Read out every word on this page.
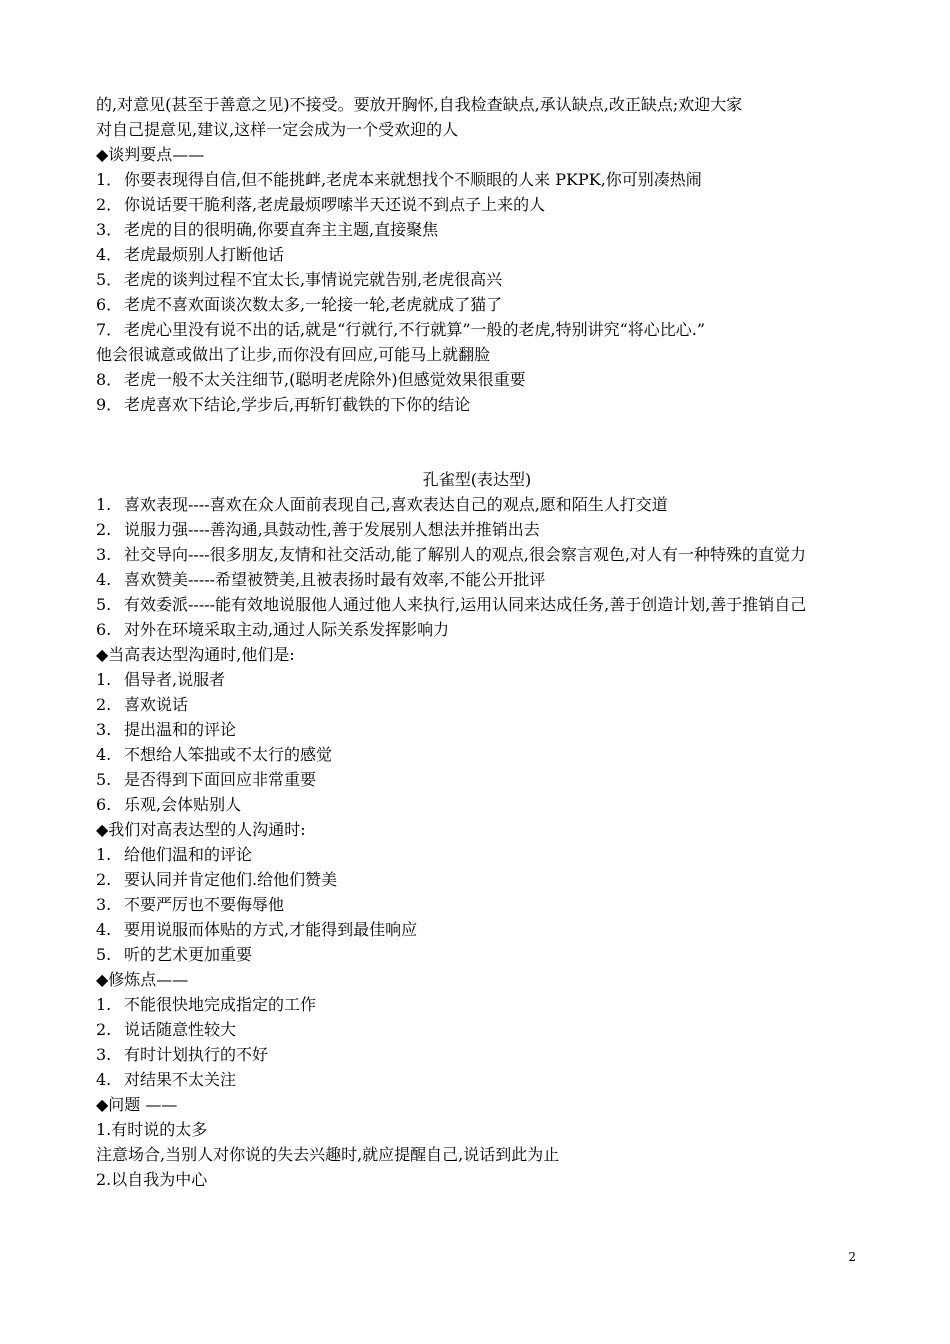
的,对意见(甚至于善意之见)不接受。要放开胸怀,自我检查缺点,承认缺点,改正缺点;欢迎大家
对自己提意见,建议,这样一定会成为一个受欢迎的人
◆谈判要点——
1． 你要表现得自信,但不能挑衅,老虎本来就想找个不顺眼的人来 PKPK,你可别凑热闹
2． 你说话要干脆利落,老虎最烦啰嗦半天还说不到点子上来的人
3． 老虎的目的很明确,你要直奔主主题,直接聚焦
4． 老虎最烦别人打断他话
5． 老虎的谈判过程不宜太长,事情说完就告别,老虎很高兴
6． 老虎不喜欢面谈次数太多,一轮接一轮,老虎就成了猫了
7． 老虎心里没有说不出的话,就是“行就行,不行就算”一般的老虎,特别讲究“将心比心.”
他会很诚意或做出了让步,而你没有回应,可能马上就翻脸
8． 老虎一般不太关注细节,(聪明老虎除外)但感觉效果很重要
9． 老虎喜欢下结论,学步后,再斩钉截铁的下你的结论
孔雀型(表达型)
1. 喜欢表现----喜欢在众人面前表现自己,喜欢表达自己的观点,愿和陌生人打交道
2. 说服力强----善沟通,具鼓动性,善于发展别人想法并推销出去
3. 社交导向----很多朋友,友情和社交活动,能了解别人的观点,很会察言观色,对人有一种特殊的直觉力
4. 喜欢赞美-----希望被赞美,且被表扬时最有效率,不能公开批评
5. 有效委派-----能有效地说服他人通过他人来执行,运用认同来达成任务,善于创造计划,善于推销自己
6. 对外在环境采取主动,通过人际关系发挥影响力
◆当高表达型沟通时,他们是:
1. 倡导者,说服者
2. 喜欢说话
3. 提出温和的评论
4. 不想给人笨拙或不太行的感觉
5. 是否得到下面回应非常重要
6. 乐观,会体贴别人
◆我们对高表达型的人沟通时:
1. 给他们温和的评论
2. 要认同并肯定他们.给他们赞美
3. 不要严厉也不要侮辱他
4. 要用说服而体贴的方式,才能得到最佳响应
5. 听的艺术更加重要
◆修炼点——
1. 不能很快地完成指定的工作
2. 说话随意性较大
3. 有时计划执行的不好
4. 对结果不太关注
◆问题 ——
1.有时说的太多
注意场合,当别人对你说的失去兴趣时,就应提醒自己,说话到此为止
2.以自我为中心
2
